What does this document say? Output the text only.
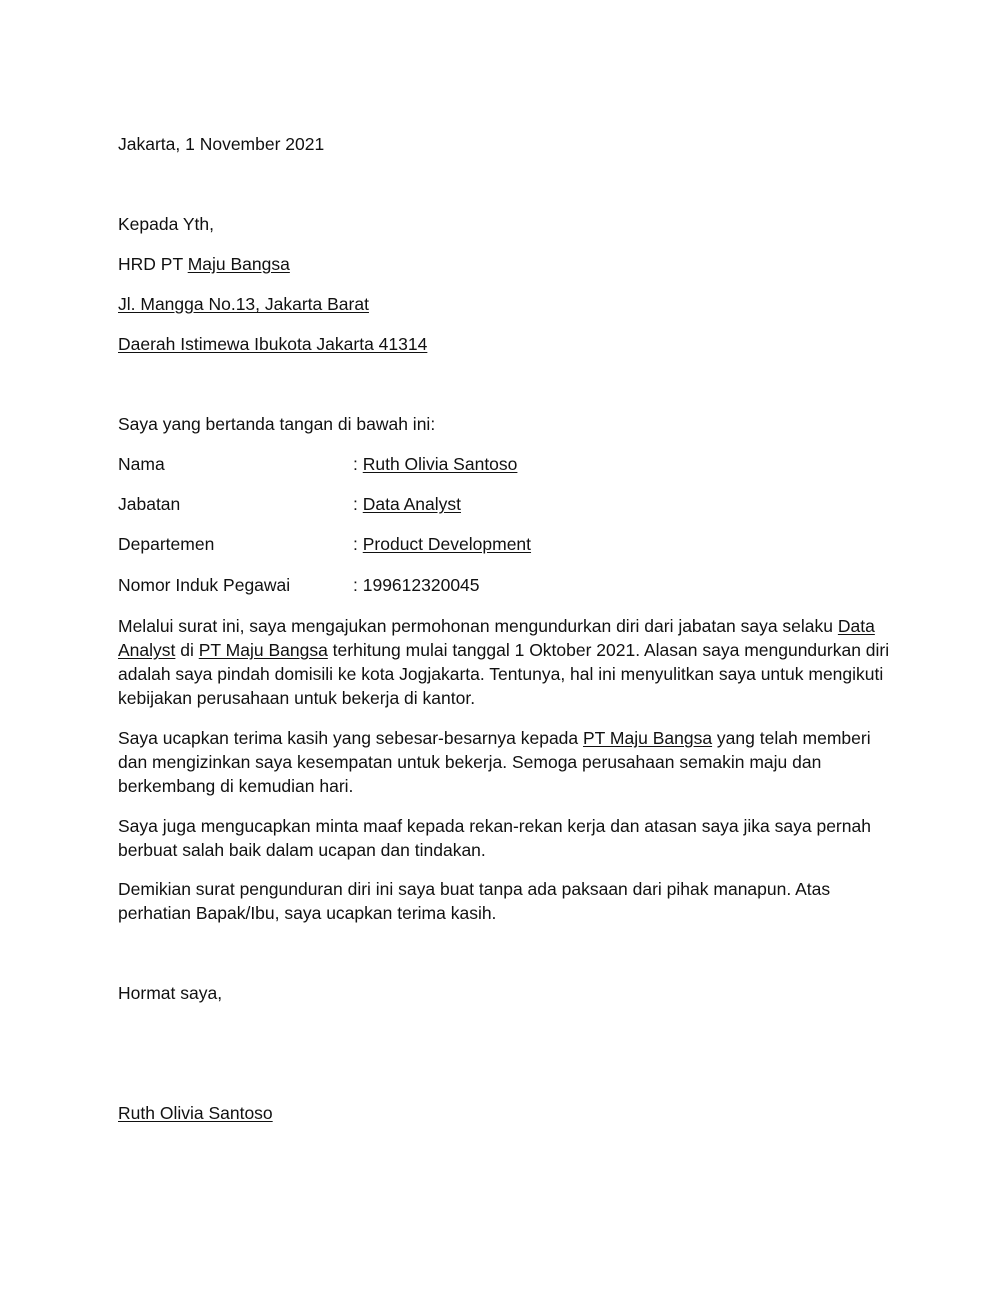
Jakarta, 1 November 2021
Kepada Yth,
HRD PT Maju Bangsa
Jl. Mangga No.13, Jakarta Barat
Daerah Istimewa Ibukota Jakarta 41314
Saya yang bertanda tangan di bawah ini:
Nama	: Ruth Olivia Santoso
Jabatan	: Data Analyst
Departemen	: Product Development
Nomor Induk Pegawai	: 199612320045

Melalui surat ini, saya mengajukan permohonan mengundurkan diri dari jabatan saya selaku Data Analyst di PT Maju Bangsa terhitung mulai tanggal 1 Oktober 2021. Alasan saya mengundurkan diri adalah saya pindah domisili ke kota Jogjakarta. Tentunya, hal ini menyulitkan saya untuk mengikuti kebijakan perusahaan untuk bekerja di kantor.

Saya ucapkan terima kasih yang sebesar-besarnya kepada PT Maju Bangsa yang telah memberi dan mengizinkan saya kesempatan untuk bekerja. Semoga perusahaan semakin maju dan berkembang di kemudian hari.

Saya juga mengucapkan minta maaf kepada rekan-rekan kerja dan atasan saya jika saya pernah berbuat salah baik dalam ucapan dan tindakan.

Demikian surat pengunduran diri ini saya buat tanpa ada paksaan dari pihak manapun. Atas perhatian Bapak/Ibu, saya ucapkan terima kasih.

Hormat saya,
Ruth Olivia Santoso
